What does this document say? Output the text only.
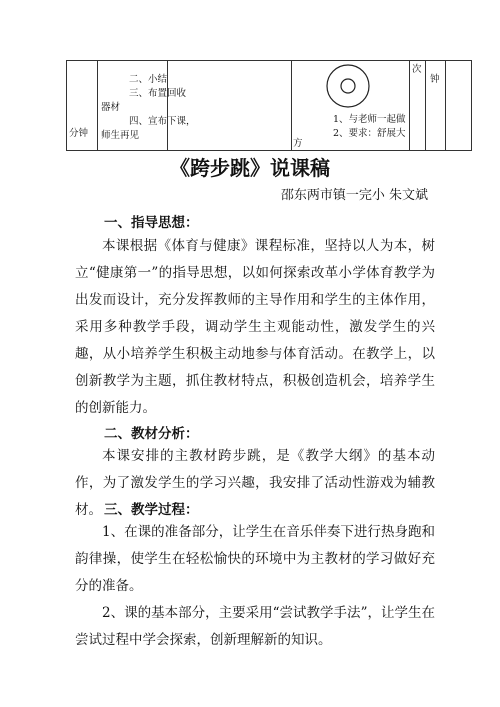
分钟
二、小结
三、布置回收
器材
四、宣布下课，
师生再见
1、与老师一起做
2、要求：舒展大
方
次
钟
《跨步跳》说课稿
邵东两市镇一完小 朱文斌
一、指导思想：

本课根据《体育与健康》课程标准，坚持以人为本，树立“健康第一”的指导思想，以如何探索改革小学体育教学为出发而设计，充分发挥教师的主导作用和学生的主体作用，采用多种教学手段，调动学生主观能动性，激发学生的兴趣，从小培养学生积极主动地参与体育活动。在教学上，以创新教学为主题，抓住教材特点，积极创造机会，培养学生的创新能力。

二、教材分析：

本课安排的主教材跨步跳，是《教学大纲》的基本动作，为了激发学生的学习兴趣，我安排了活动性游戏为辅教材。 三、教学过程：

1、在课的准备部分，让学生在音乐伴奏下进行热身跑和韵律操，使学生在轻松愉快的环境中为主教材的学习做好充分的准备。

2、课的基本部分，主要采用“尝试教学手法”，让学生在尝试过程中学会探索，创新理解新的知识。
